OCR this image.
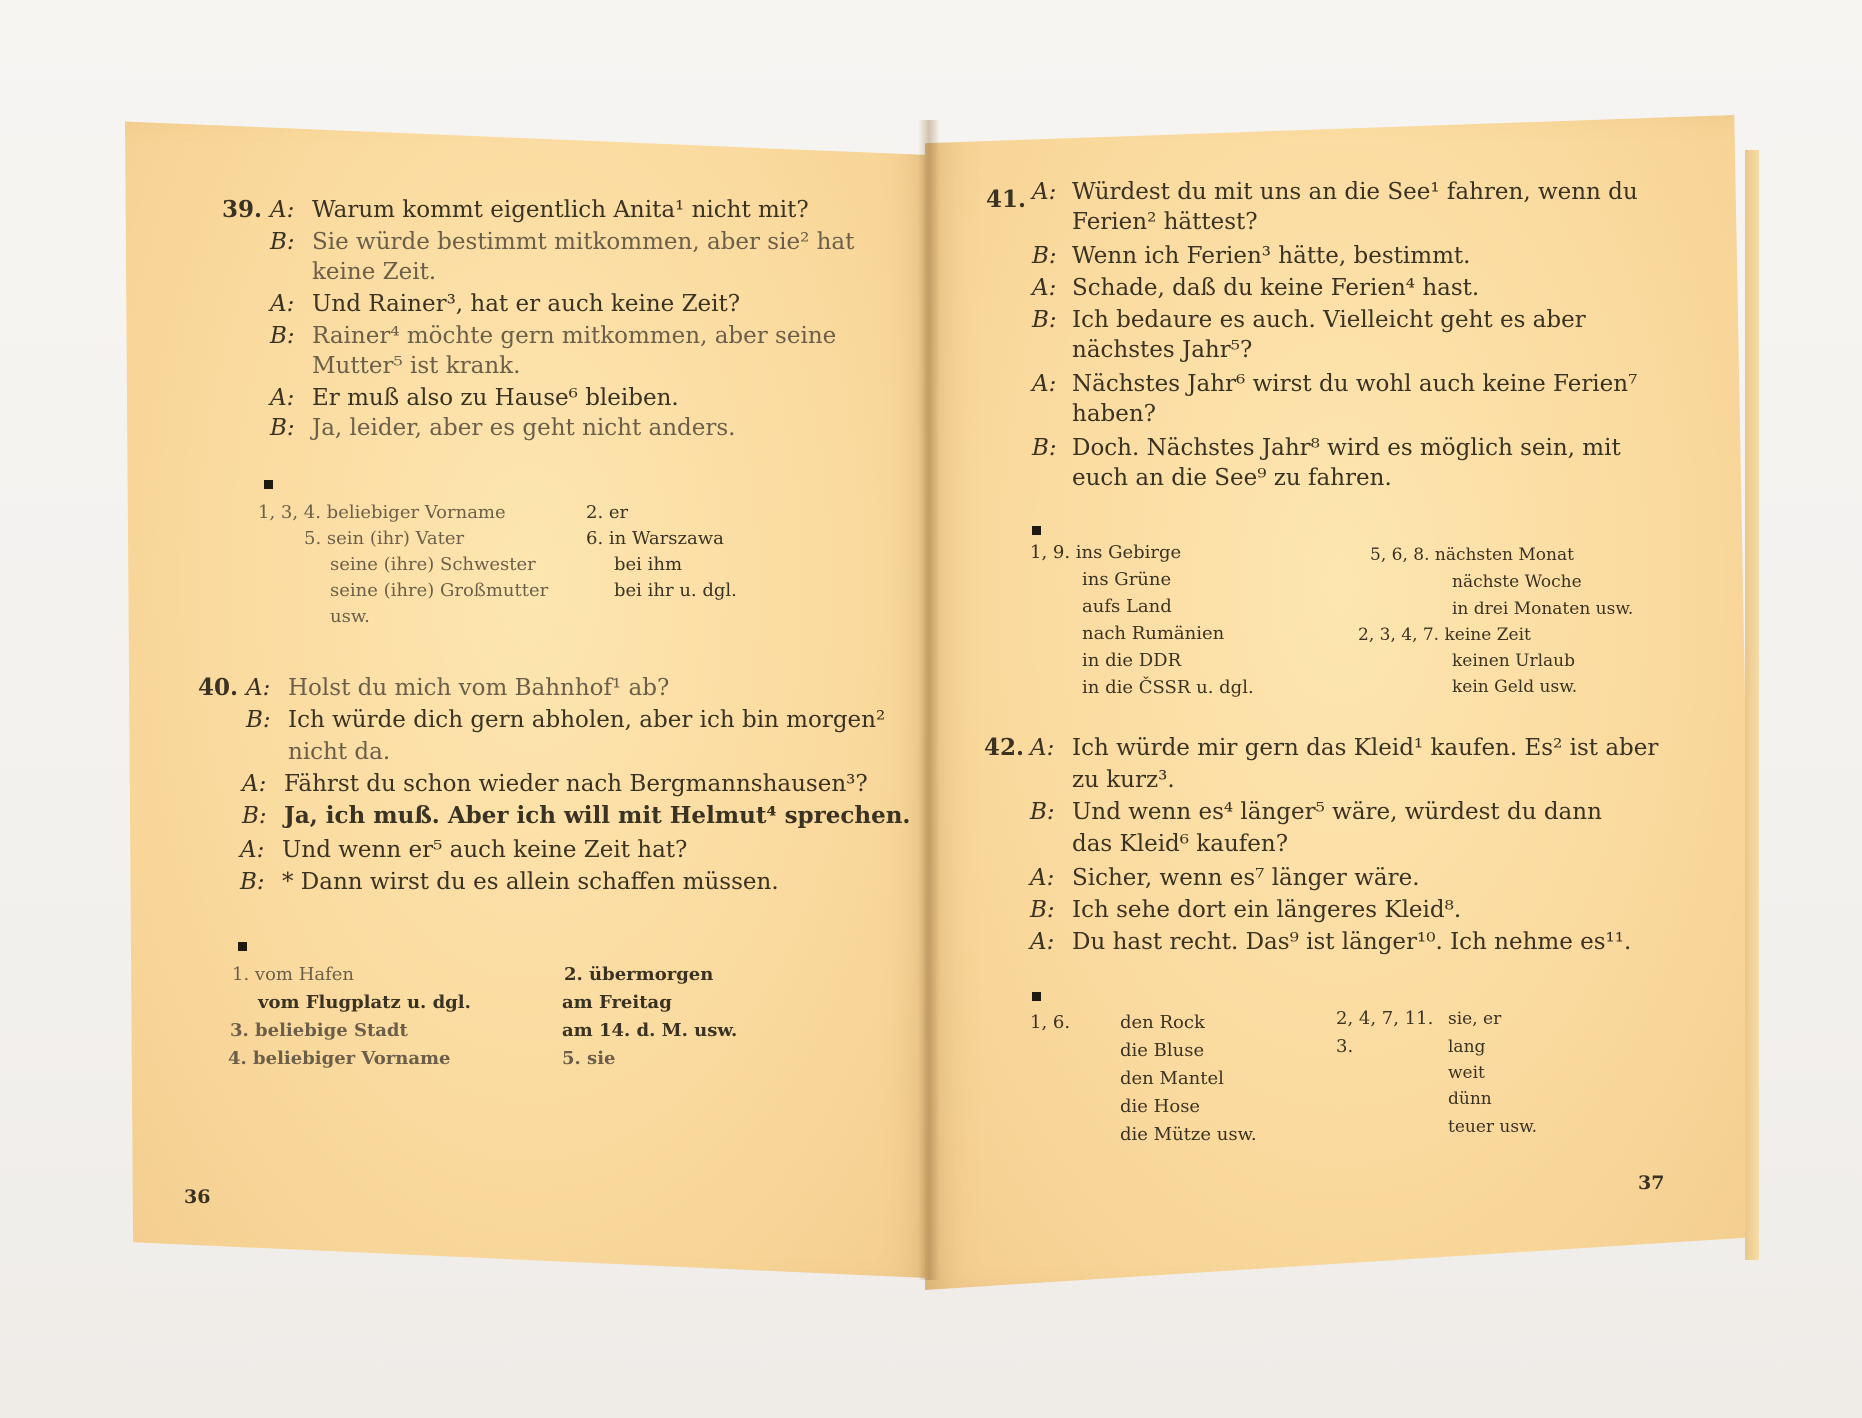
39. A: Warum kommt eigentlich Anita¹ nicht mit?
B: Sie würde bestimmt mitkommen, aber sie² hat
keine Zeit.
A: Und Rainer³, hat er auch keine Zeit?
B: Rainer⁴ möchte gern mitkommen, aber seine
Mutter⁵ ist krank.
A: Er muß also zu Hause⁶ bleiben.
B: Ja, leider, aber es geht nicht anders.
1, 3, 4. beliebiger Vorname
5. sein (ihr) Vater
seine (ihre) Schwester
seine (ihre) Großmutter
usw.
2. er
6. in Warszawa
bei ihm
bei ihr u. dgl.
40. A: Holst du mich vom Bahnhof¹ ab?
B: Ich würde dich gern abholen, aber ich bin morgen²
nicht da.
A: Fährst du schon wieder nach Bergmannshausen³?
B: Ja, ich muß. Aber ich will mit Helmut⁴ sprechen.
A: Und wenn er⁵ auch keine Zeit hat?
B: * Dann wirst du es allein schaffen müssen.
1. vom Hafen
vom Flugplatz u. dgl.
3. beliebige Stadt
4. beliebiger Vorname
2. übermorgen
am Freitag
am 14. d. M. usw.
5. sie
36
41. A: Würdest du mit uns an die See¹ fahren, wenn du
Ferien² hättest?
B: Wenn ich Ferien³ hätte, bestimmt.
A: Schade, daß du keine Ferien⁴ hast.
B: Ich bedaure es auch. Vielleicht geht es aber
nächstes Jahr⁵?
A: Nächstes Jahr⁶ wirst du wohl auch keine Ferien⁷
haben?
B: Doch. Nächstes Jahr⁸ wird es möglich sein, mit
euch an die See⁹ zu fahren.
1, 9. ins Gebirge
ins Grüne
aufs Land
nach Rumänien
in die DDR
in die ČSSR u. dgl.
5, 6, 8. nächsten Monat
nächste Woche
in drei Monaten usw.
2, 3, 4, 7. keine Zeit
keinen Urlaub
kein Geld usw.
42. A: Ich würde mir gern das Kleid¹ kaufen. Es² ist aber
zu kurz³.
B: Und wenn es⁴ länger⁵ wäre, würdest du dann
das Kleid⁶ kaufen?
A: Sicher, wenn es⁷ länger wäre.
B: Ich sehe dort ein längeres Kleid⁸.
A: Du hast recht. Das⁹ ist länger¹⁰. Ich nehme es¹¹.
1, 6.	den Rock
die Bluse
den Mantel
die Hose
die Mütze usw.
2, 4, 7, 11.
3.
sie, er
lang
weit
dünn
teuer usw.
37
